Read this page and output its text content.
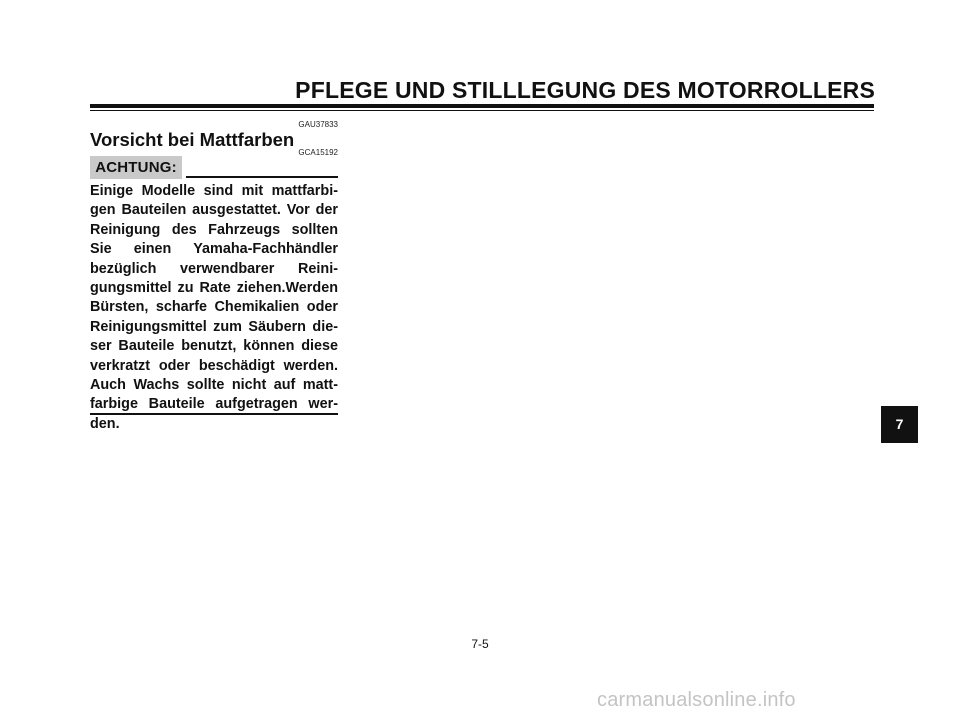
PFLEGE UND STILLLEGUNG DES MOTORROLLERS
GAU37833
Vorsicht bei Mattfarben
GCA15192
ACHTUNG:

Einige Modelle sind mit mattfarbi-
gen Bauteilen ausgestattet. Vor der
Reinigung des Fahrzeugs sollten
Sie einen Yamaha-Fachhändler
bezüglich verwendbarer Reini-
gungsmittel zu Rate ziehen.Werden
Bürsten, scharfe Chemikalien oder
Reinigungsmittel zum Säubern die-
ser Bauteile benutzt, können diese
verkratzt oder beschädigt werden.
Auch Wachs sollte nicht auf matt-
farbige Bauteile aufgetragen wer-
den.	7
7-5
carmanualsonline.info
